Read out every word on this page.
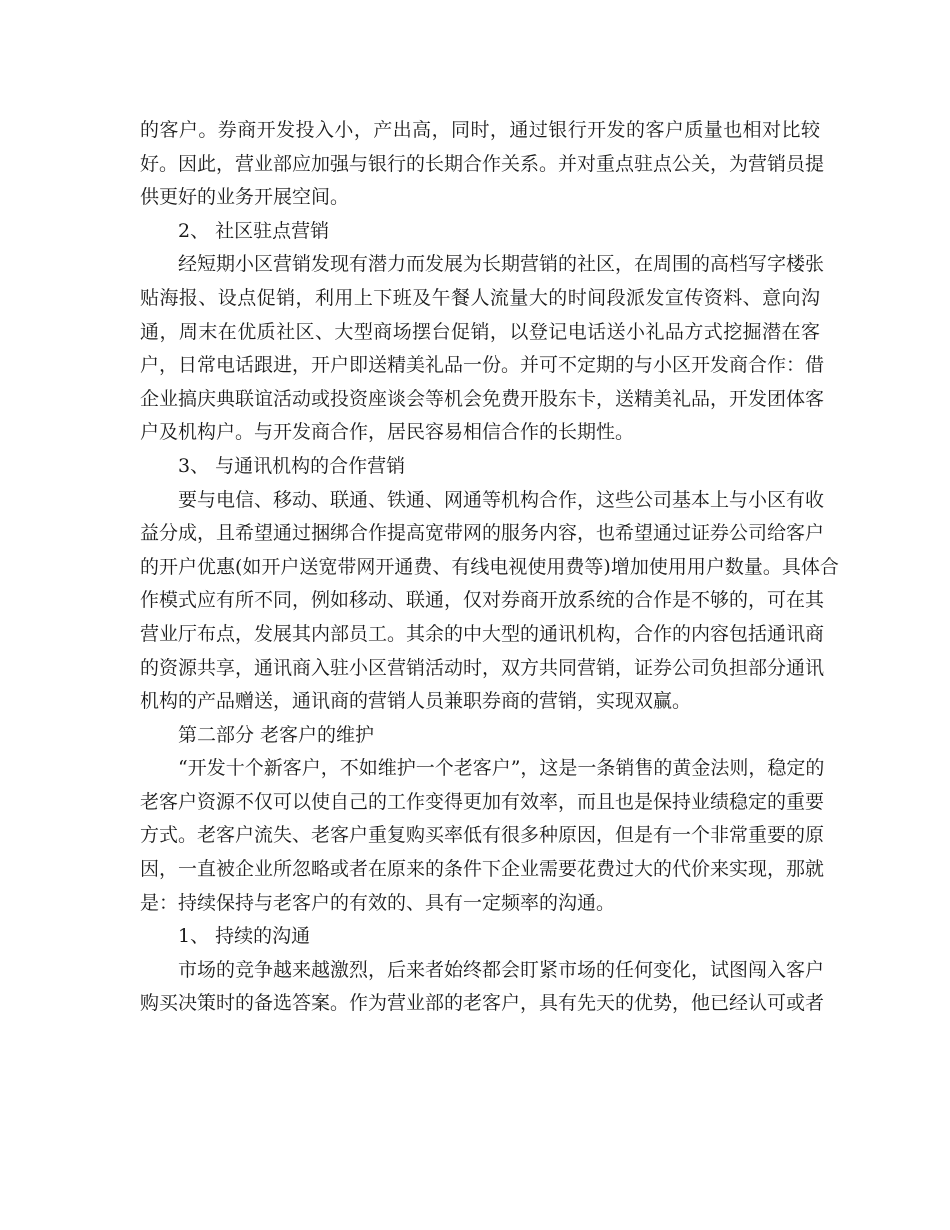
的客户。券商开发投入小，产出高，同时，通过银行开发的客户质量也相对比较
好。因此，营业部应加强与银行的长期合作关系。并对重点驻点公关，为营销员提
供更好的业务开展空间。
2、 社区驻点营销
经短期小区营销发现有潜力而发展为长期营销的社区，在周围的高档写字楼张
贴海报、设点促销，利用上下班及午餐人流量大的时间段派发宣传资料、意向沟
通，周末在优质社区、大型商场摆台促销，以登记电话送小礼品方式挖掘潜在客
户，日常电话跟进，开户即送精美礼品一份。并可不定期的与小区开发商合作：借
企业搞庆典联谊活动或投资座谈会等机会免费开股东卡，送精美礼品，开发团体客
户及机构户。与开发商合作，居民容易相信合作的长期性。
3、 与通讯机构的合作营销
要与电信、移动、联通、铁通、网通等机构合作，这些公司基本上与小区有收
益分成，且希望通过捆绑合作提高宽带网的服务内容，也希望通过证券公司给客户
的开户优惠(如开户送宽带网开通费、有线电视使用费等)增加使用用户数量。具体合
作模式应有所不同，例如移动、联通，仅对券商开放系统的合作是不够的，可在其
营业厅布点，发展其内部员工。其余的中大型的通讯机构，合作的内容包括通讯商
的资源共享，通讯商入驻小区营销活动时，双方共同营销，证券公司负担部分通讯
机构的产品赠送，通讯商的营销人员兼职券商的营销，实现双赢。
第二部分 老客户的维护
“开发十个新客户，不如维护一个老客户”，这是一条销售的黄金法则，稳定的
老客户资源不仅可以使自己的工作变得更加有效率，而且也是保持业绩稳定的重要
方式。老客户流失、老客户重复购买率低有很多种原因，但是有一个非常重要的原
因，一直被企业所忽略或者在原来的条件下企业需要花费过大的代价来实现，那就
是：持续保持与老客户的有效的、具有一定频率的沟通。
1、 持续的沟通
市场的竞争越来越激烈，后来者始终都会盯紧市场的任何变化，试图闯入客户
购买决策时的备选答案。作为营业部的老客户，具有先天的优势，他已经认可或者
